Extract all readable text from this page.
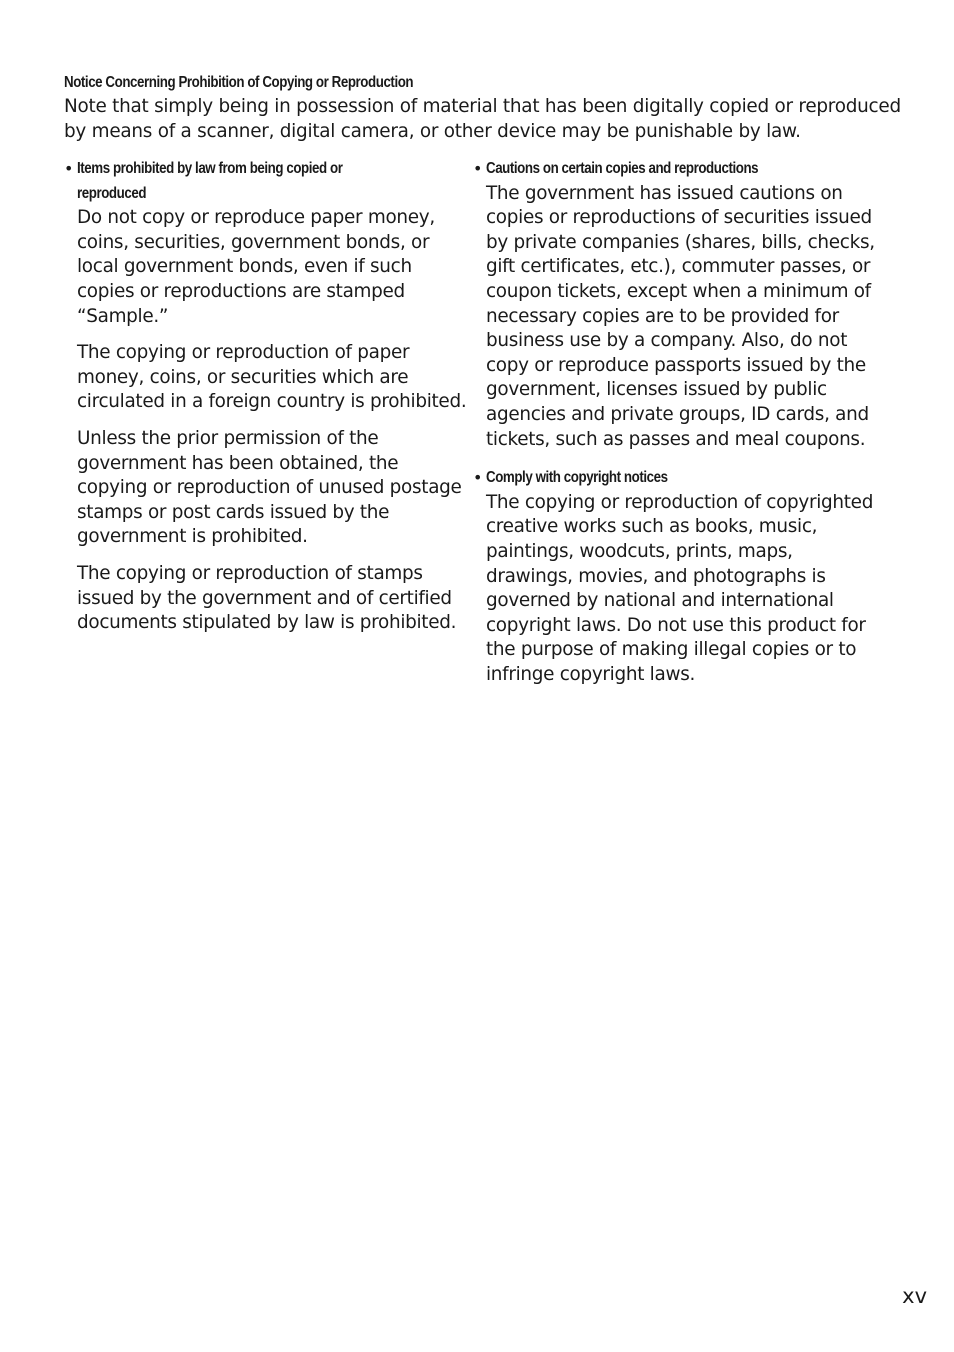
Notice Concerning Prohibition of Copying or Reproduction
Note that simply being in possession of material that has been digitally copied or reproduced
by means of a scanner, digital camera, or other device may be punishable by law.
• Items prohibited by law from being copied or
reproduced
Do not copy or reproduce paper money,
coins, securities, government bonds, or
local government bonds, even if such
copies or reproductions are stamped
“Sample.”
The copying or reproduction of paper
money, coins, or securities which are
circulated in a foreign country is prohibited.
Unless the prior permission of the
government has been obtained, the
copying or reproduction of unused postage
stamps or post cards issued by the
government is prohibited.
The copying or reproduction of stamps
issued by the government and of certified
documents stipulated by law is prohibited.
• Cautions on certain copies and reproductions
The government has issued cautions on
copies or reproductions of securities issued
by private companies (shares, bills, checks,
gift certificates, etc.), commuter passes, or
coupon tickets, except when a minimum of
necessary copies are to be provided for
business use by a company. Also, do not
copy or reproduce passports issued by the
government, licenses issued by public
agencies and private groups, ID cards, and
tickets, such as passes and meal coupons.
• Comply with copyright notices
The copying or reproduction of copyrighted
creative works such as books, music,
paintings, woodcuts, prints, maps,
drawings, movies, and photographs is
governed by national and international
copyright laws. Do not use this product for
the purpose of making illegal copies or to
infringe copyright laws.
xv
